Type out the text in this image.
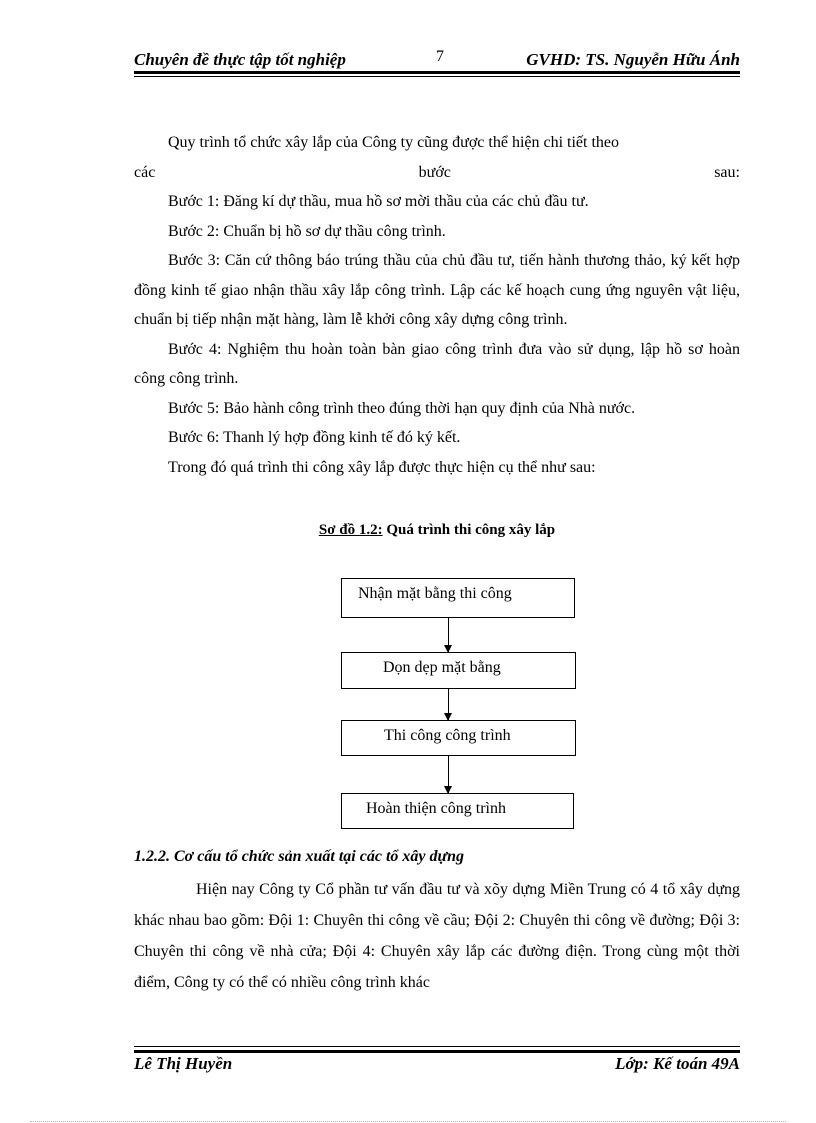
Chuyên đề thực tập tốt nghiệp	7	GVHD: TS. Nguyễn Hữu Ánh

Quy trình tổ chức xây lắp của Công ty cũng được thể hiện chi tiết theo

các	bước	sau:

Bước 1: Đăng kí dự thầu, mua hồ sơ mời thầu của các chủ đầu tư.

Bước 2: Chuẩn bị hồ sơ dự thầu công trình.

Bước 3: Căn cứ thông báo trúng thầu của chủ đầu tư, tiến hành thương thảo, ký kết hợp đồng kinh tế giao nhận thầu xây lắp công trình. Lập các kế hoạch cung ứng nguyên vật liệu, chuẩn bị tiếp nhận mặt hàng, làm lễ khởi công xây dựng công trình.

Bước 4: Nghiệm thu hoàn toàn bàn giao công trình đưa vào sử dụng, lập hồ sơ hoàn công công trình.

Bước 5: Bảo hành công trình theo đúng thời hạn quy định của Nhà nước.

Bước 6: Thanh lý hợp đồng kinh tế đó ký kết.

Trong đó quá trình thi công xây lắp được thực hiện cụ thể như sau:

Sơ đồ 1.2: Quá trình thi công xây lắp
Nhận mặt bằng thi công
Dọn dẹp mặt bằng
Thi công công trình
Hoàn thiện công trình
1.2.2. Cơ cấu tổ chức sản xuất tại các tổ xây dựng

Hiện nay Công ty Cổ phần tư vấn đầu tư và xõy dựng Miền Trung có 4 tổ xây dựng khác nhau bao gồm: Đội 1: Chuyên thi công về cầu; Đội 2: Chuyên thi công về đường; Đội 3: Chuyên thi công về nhà cửa; Đội 4: Chuyên xây lắp các đường điện. Trong cùng một thời điểm, Công ty có thể có nhiều công trình khác

Lê Thị Huyền	Lớp: Kế toán 49A
